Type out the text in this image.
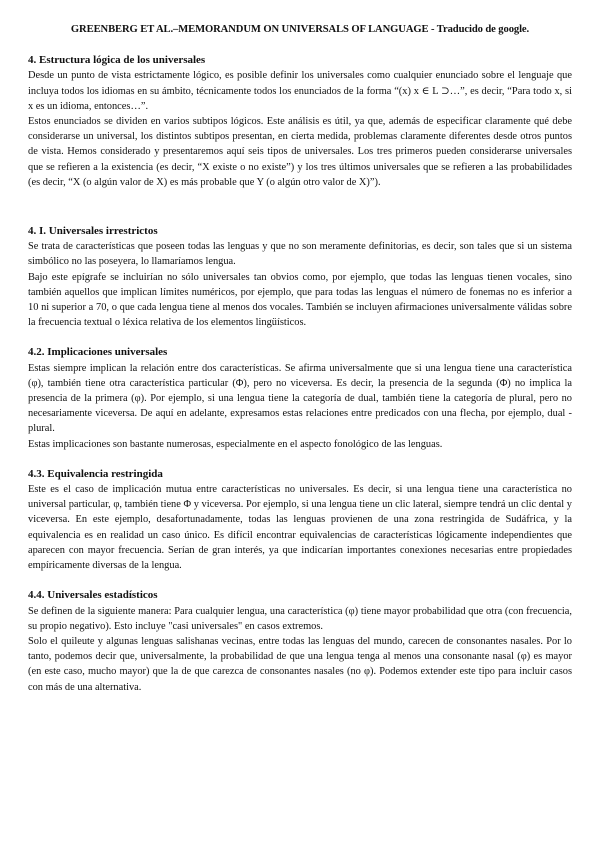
GREENBERG ET AL.–MEMORANDUM ON UNIVERSALS OF LANGUAGE - Traducido de google.
4. Estructura lógica de los universales

Desde un punto de vista estrictamente lógico, es posible definir los universales como cualquier enunciado sobre el lenguaje que incluya todos los idiomas en su ámbito, técnicamente todos los enunciados de la forma “(x) x ∈ L ⊃…”, es decir, “Para todo x, si x es un idioma, entonces…”.

Estos enunciados se dividen en varios subtipos lógicos. Este análisis es útil, ya que, además de especificar claramente qué debe considerarse un universal, los distintos subtipos presentan, en cierta medida, problemas claramente diferentes desde otros puntos de vista. Hemos considerado y presentaremos aquí seis tipos de universales. Los tres primeros pueden considerarse universales que se refieren a la existencia (es decir, “X existe o no existe”) y los tres últimos universales que se refieren a las probabilidades (es decir, “X (o algún valor de X) es más probable que Y (o algún otro valor de X)”).

4. I. Universales irrestrictos

Se trata de características que poseen todas las lenguas y que no son meramente definitorias, es decir, son tales que si un sistema simbólico no las poseyera, lo llamaríamos lengua.

Bajo este epígrafe se incluirían no sólo universales tan obvios como, por ejemplo, que todas las lenguas tienen vocales, sino también aquellos que implican límites numéricos, por ejemplo, que para todas las lenguas el número de fonemas no es inferior a 10 ni superior a 70, o que cada lengua tiene al menos dos vocales. También se incluyen afirmaciones universalmente válidas sobre la frecuencia textual o léxica relativa de los elementos lingüísticos.

4.2. Implicaciones universales

Estas siempre implican la relación entre dos características. Se afirma universalmente que si una lengua tiene una característica (φ), también tiene otra característica particular (Φ), pero no viceversa. Es decir, la presencia de la segunda (Φ) no implica la presencia de la primera (φ). Por ejemplo, si una lengua tiene la categoría de dual, también tiene la categoría de plural, pero no necesariamente viceversa. De aquí en adelante, expresamos estas relaciones entre predicados con una flecha, por ejemplo, dual - plural.

Estas implicaciones son bastante numerosas, especialmente en el aspecto fonológico de las lenguas.

4.3. Equivalencia restringida

Este es el caso de implicación mutua entre características no universales. Es decir, si una lengua tiene una característica no universal particular, φ, también tiene Φ y viceversa. Por ejemplo, si una lengua tiene un clic lateral, siempre tendrá un clic dental y viceversa. En este ejemplo, desafortunadamente, todas las lenguas provienen de una zona restringida de Sudáfrica, y la equivalencia es en realidad un caso único. Es difícil encontrar equivalencias de características lógicamente independientes que aparecen con mayor frecuencia. Serían de gran interés, ya que indicarían importantes conexiones necesarias entre propiedades empíricamente diversas de la lengua.

4.4. Universales estadísticos

Se definen de la siguiente manera: Para cualquier lengua, una característica (φ) tiene mayor probabilidad que otra (con frecuencia, su propio negativo). Esto incluye "casi universales" en casos extremos.

Solo el quileute y algunas lenguas salishanas vecinas, entre todas las lenguas del mundo, carecen de consonantes nasales. Por lo tanto, podemos decir que, universalmente, la probabilidad de que una lengua tenga al menos una consonante nasal (φ) es mayor (en este caso, mucho mayor) que la de que carezca de consonantes nasales (no φ). Podemos extender este tipo para incluir casos con más de una alternativa.
